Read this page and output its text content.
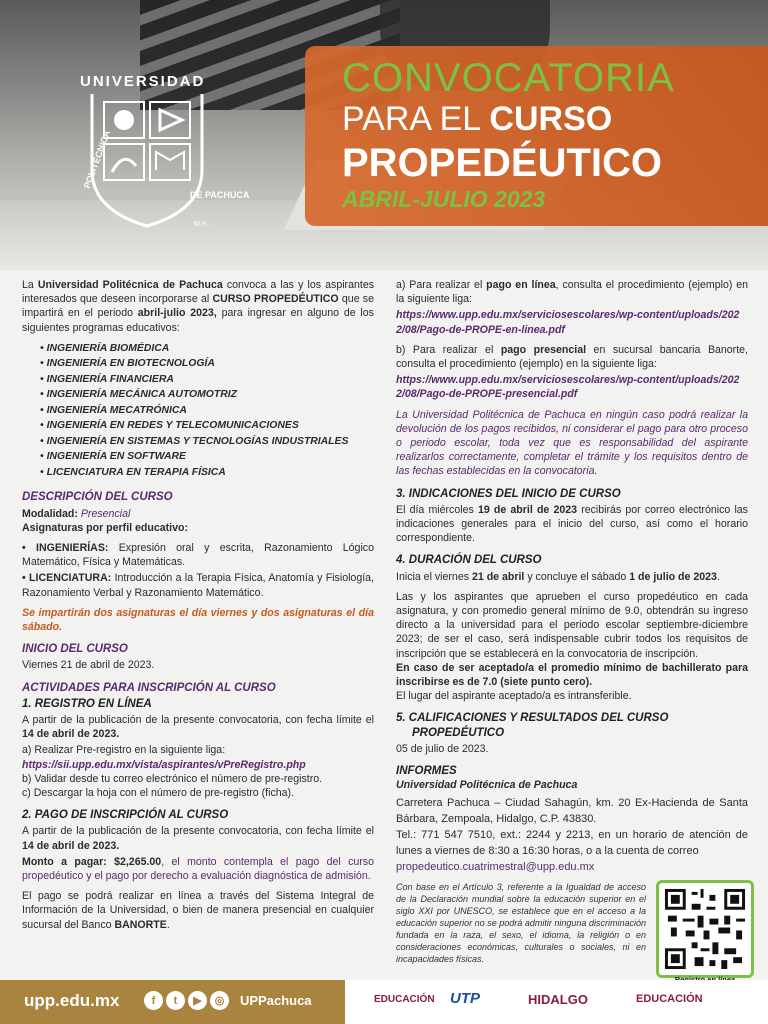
UNIVERSIDAD
POLITÉCNICA
DE PACHUCA
M.R.
CONVOCATORIA
PARA EL CURSO
PROPEDÉUTICO
ABRIL-JULIO 2023

La Universidad Politécnica de Pachuca convoca a las y los aspirantes interesados que deseen incorporarse al CURSO PROPEDÉUTICO que se impartirá en el periodo abril-julio 2023, para ingresar en alguno de los siguientes programas educativos:

• INGENIERÍA BIOMÉDICA
• INGENIERÍA EN BIOTECNOLOGÍA
• INGENIERÍA FINANCIERA
• INGENIERÍA MECÁNICA AUTOMOTRIZ
• INGENIERÍA MECATRÓNICA
• INGENIERÍA EN REDES Y TELECOMUNICACIONES
• INGENIERÍA EN SISTEMAS Y TECNOLOGÍAS INDUSTRIALES
• INGENIERÍA EN SOFTWARE
• LICENCIATURA EN TERAPIA FÍSICA
DESCRIPCIÓN DEL CURSO

Modalidad: Presencial

Asignaturas por perfil educativo:

• INGENIERÍAS: Expresión oral y escrita, Razonamiento Lógico Matemático, Física y Matemáticas.

• LICENCIATURA: Introducción a la Terapia Física, Anatomía y Fisiología, Razonamiento Verbal y Razonamiento Matemático.

Se impartirán dos asignaturas el día viernes y dos asignaturas el día sábado.

INICIO DEL CURSO

Viernes 21 de abril de 2023.

ACTIVIDADES PARA INSCRIPCIÓN AL CURSO
1. REGISTRO EN LÍNEA

A partir de la publicación de la presente convocatoria, con fecha límite el 14 de abril de 2023.

a) Realizar Pre-registro en la siguiente liga:

https://sii.upp.edu.mx/vista/aspirantes/vPreRegistro.php

b) Validar desde tu correo electrónico el número de pre-registro.

c) Descargar la hoja con el número de pre-registro (ficha).

2. PAGO DE INSCRIPCIÓN AL CURSO

A partir de la publicación de la presente convocatoria, con fecha límite el 14 de abril de 2023.

Monto a pagar: $2,265.00, el monto contempla el pago del curso propedéutico y el pago por derecho a evaluación diagnóstica de admisión.

El pago se podrá realizar en línea a través del Sistema Integral de Información de la Universidad, o bien de manera presencial en cualquier sucursal del Banco BANORTE.

a) Para realizar el pago en línea, consulta el procedimiento (ejemplo) en la siguiente liga:

https://www.upp.edu.mx/serviciosescolares/wp-content/uploads/2022/08/Pago-de-PROPE-en-linea.pdf

b) Para realizar el pago presencial en sucursal bancaria Banorte, consulta el procedimiento (ejemplo) en la siguiente liga:

https://www.upp.edu.mx/serviciosescolares/wp-content/uploads/2022/08/Pago-de-PROPE-presencial.pdf

La Universidad Politécnica de Pachuca en ningún caso podrá realizar la devolución de los pagos recibidos, ni considerar el pago para otro proceso o periodo escolar, toda vez que es responsabilidad del aspirante realizarlos correctamente, completar el trámite y los requisitos dentro de las fechas establecidas en la convocatoria.

3. INDICACIONES DEL INICIO DE CURSO

El día miércoles 19 de abril de 2023 recibirás por correo electrónico las indicaciones generales para el inicio del curso, así como el horario correspondiente.

4. DURACIÓN DEL CURSO

Inicia el viernes 21 de abril y concluye el sábado 1 de julio de 2023.

Las y los aspirantes que aprueben el curso propedéutico en cada asignatura, y con promedio general mínimo de 9.0, obtendrán su ingreso directo a la universidad para el periodo escolar septiembre-diciembre 2023; de ser el caso, será indispensable cubrir todos los requisitos de inscripción que se establecerá en la convocatoria de inscripción.

En caso de ser aceptado/a el promedio mínimo de bachillerato para inscribirse es de 7.0 (siete punto cero).

El lugar del aspirante aceptado/a es intransferible.

5. CALIFICACIONES Y RESULTADOS DEL CURSO
PROPEDÉUTICO

05 de julio de 2023.

INFORMES

Universidad Politécnica de Pachuca

Carretera Pachuca – Ciudad Sahagún, km. 20 Ex-Hacienda de Santa Bárbara, Zempoala, Hidalgo, C.P. 43830.

Tel.: 771 547 7510, ext.: 2244 y 2213, en un horario de atención de lunes a viernes de 8:30 a 16:30 horas, o a la cuenta de correo

propedeutico.cuatrimestral@upp.edu.mx

Con base en el Artículo 3, referente a la Igualdad de acceso de la Declaración mundial sobre la educación superior en el siglo XXI por UNESCO, se establece que en el acceso a la educación superior no se podrá admitir ninguna discriminación fundada en la raza, el sexo, el idioma, la religión o en consideraciones económicas, culturales o sociales, ni en incapacidades físicas.

upp.edu.mx	f	t	▶	◎	UPPachuca	EDUCACIÓN UTP	HIDALGO	EDUCACIÓN
